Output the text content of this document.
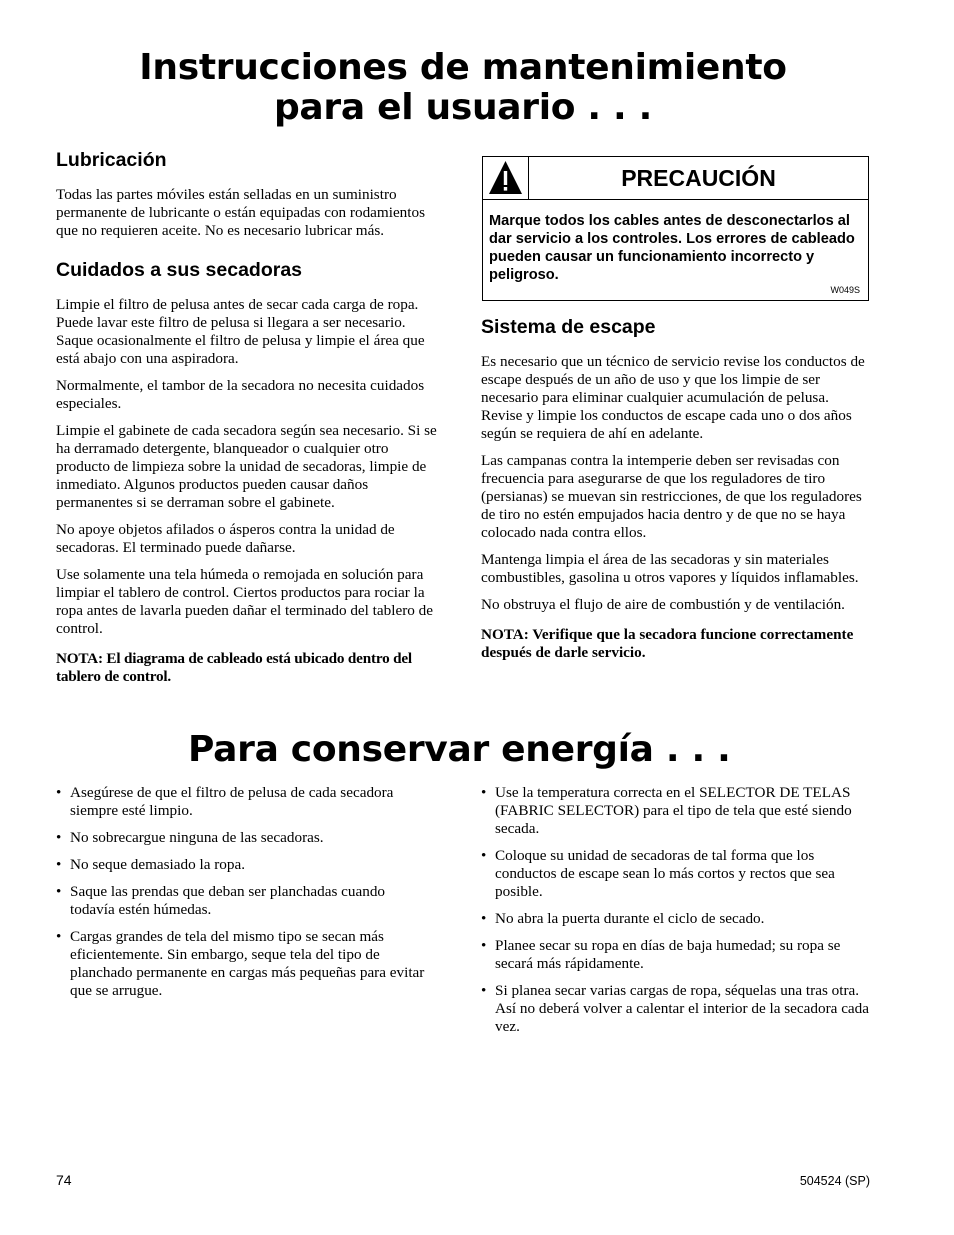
Instrucciones de mantenimiento
para el usuario . . .
Lubricación

Todas las partes móviles están selladas en un suministro permanente de lubricante o están equipadas con rodamientos que no requieren aceite. No es necesario lubricar más.

Cuidados a sus secadoras

Limpie el filtro de pelusa antes de secar cada carga de ropa. Puede lavar este filtro de pelusa si llegara a ser necesario. Saque ocasionalmente el filtro de pelusa y limpie el área que está abajo con una aspiradora.

Normalmente, el tambor de la secadora no necesita cuidados especiales.

Limpie el gabinete de cada secadora según sea necesario. Si se ha derramado detergente, blanqueador o cualquier otro producto de limpieza sobre la unidad de secadoras, limpie de inmediato. Algunos productos pueden causar daños permanentes si se derraman sobre el gabinete.

No apoye objetos afilados o ásperos contra la unidad de secadoras. El terminado puede dañarse.

Use solamente una tela húmeda o remojada en solución para limpiar el tablero de control. Ciertos productos para rociar la ropa antes de lavarla pueden dañar el terminado del tablero de control.

NOTA: El diagrama de cableado está ubicado dentro del tablero de control.

PRECAUCIÓN
Marque todos los cables antes de desconectarlos al dar servicio a los controles. Los errores de cableado pueden causar un funcionamiento incorrecto y peligroso.
W049S
Sistema de escape

Es necesario que un técnico de servicio revise los conductos de escape después de un año de uso y que los limpie de ser necesario para eliminar cualquier acumulación de pelusa. Revise y limpie los conductos de escape cada uno o dos años según se requiera de ahí en adelante.

Las campanas contra la intemperie deben ser revisadas con frecuencia para asegurarse de que los reguladores de tiro (persianas) se muevan sin restricciones, de que los reguladores de tiro no estén empujados hacia dentro y de que no se haya colocado nada contra ellos.

Mantenga limpia el área de las secadoras y sin materiales combustibles, gasolina u otros vapores y líquidos inflamables.

No obstruya el flujo de aire de combustión y de ventilación.

NOTA: Verifique que la secadora funcione correctamente después de darle servicio.

Para conservar energía . . .
• Asegúrese de que el filtro de pelusa de cada secadora siempre esté limpio.
• No sobrecargue ninguna de las secadoras.
• No seque demasiado la ropa.
• Saque las prendas que deban ser planchadas cuando todavía estén húmedas.
• Cargas grandes de tela del mismo tipo se secan más eficientemente. Sin embargo, seque tela del tipo de planchado permanente en cargas más pequeñas para evitar que se arrugue.
• Use la temperatura correcta en el SELECTOR DE TELAS (FABRIC SELECTOR) para el tipo de tela que esté siendo secada.
• Coloque su unidad de secadoras de tal forma que los conductos de escape sean lo más cortos y rectos que sea posible.
• No abra la puerta durante el ciclo de secado.
• Planee secar su ropa en días de baja humedad; su ropa se secará más rápidamente.
• Si planea secar varias cargas de ropa, séquelas una tras otra. Así no deberá volver a calentar el interior de la secadora cada vez.
74	504524 (SP)
